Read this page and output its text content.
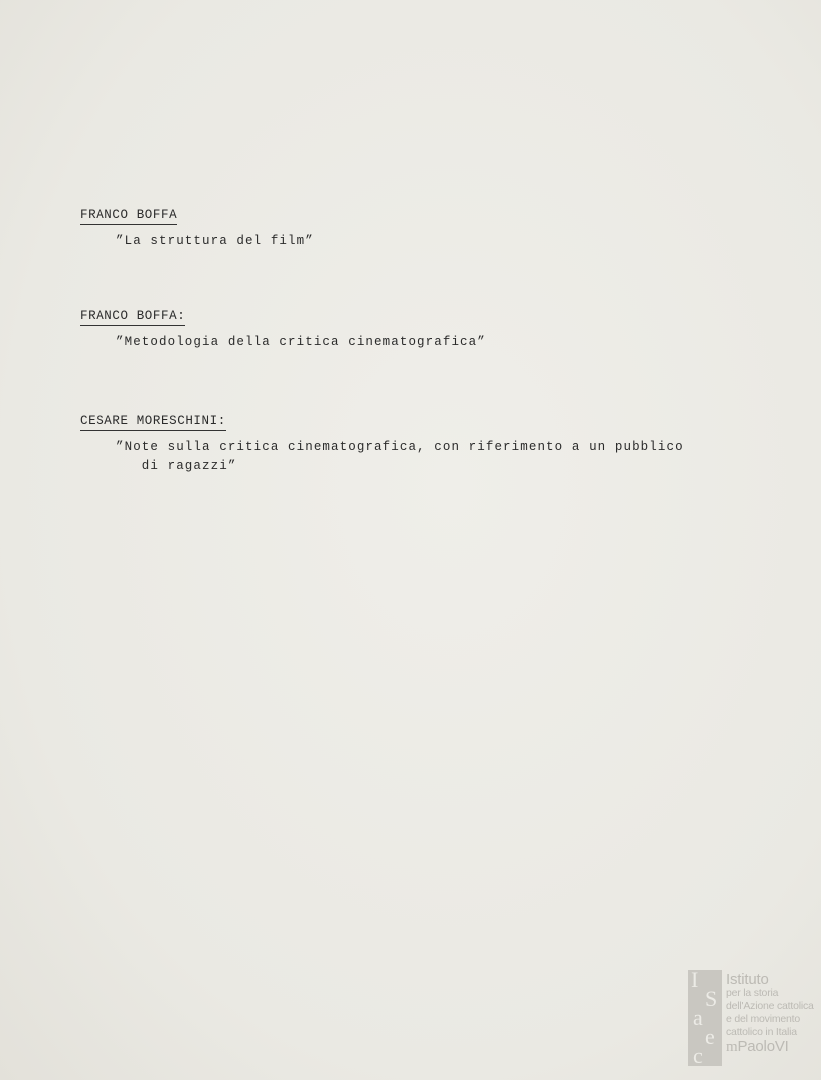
FRANCO BOFFA
”La struttura del film”
FRANCO BOFFA:
”Metodologia della critica cinematografica”
CESARE MORESCHINI:
”Note sulla critica cinematografica, con riferimento a un pubblico
di ragazzi”
I
S
a
e
c
Istituto
per la storia
dell'Azione cattolica
e del movimento
cattolico in Italia
mPaoloVI
